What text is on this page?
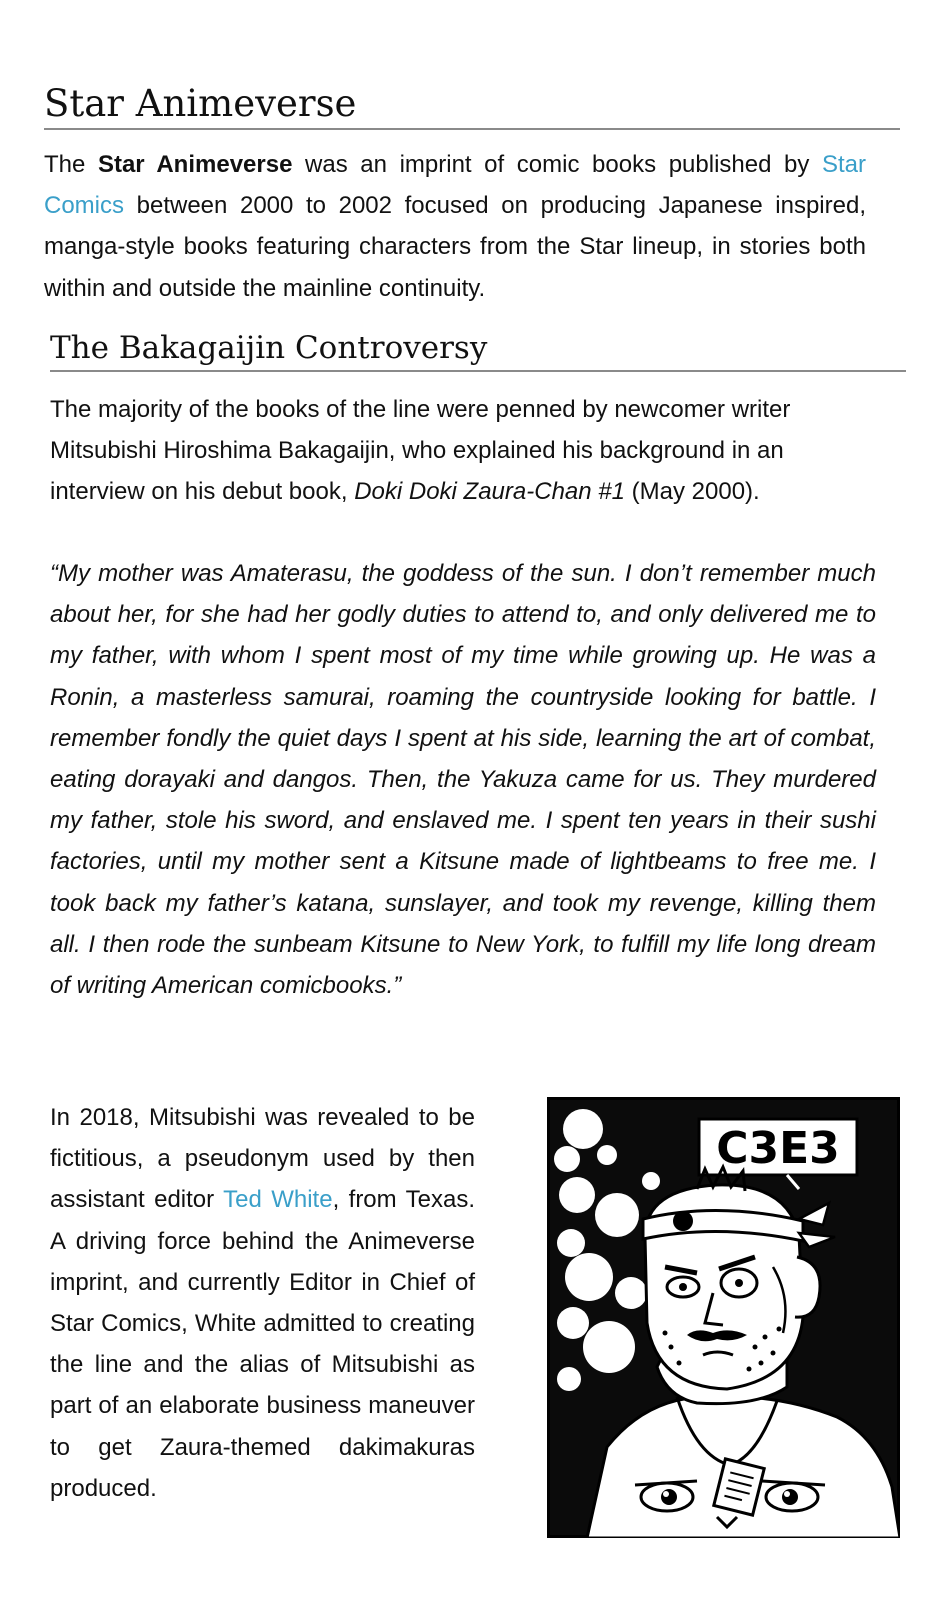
Star Animeverse

The Star Animeverse was an imprint of comic books published by Star Comics between 2000 to 2002 focused on producing Japanese inspired, manga-style books featuring characters from the Star lineup, in stories both within and outside the mainline continuity.

The Bakagaijin Controversy

The majority of the books of the line were penned by newcomer writer Mitsubishi Hiroshima Bakagaijin, who explained his background in an interview on his debut book, Doki Doki Zaura-Chan #1 (May 2000).

“My mother was Amaterasu, the goddess of the sun. I don’t remember much about her, for she had her godly duties to attend to, and only delivered me to my father, with whom I spent most of my time while growing up. He was a Ronin, a masterless samurai, roaming the countryside looking for battle. I remember fondly the quiet days I spent at his side, learning the art of combat, eating dorayaki and dangos. Then, the Yakuza came for us. They murdered my father, stole his sword, and enslaved me. I spent ten years in their sushi factories, until my mother sent a Kitsune made of lightbeams to free me. I took back my father’s katana, sunslayer, and took my revenge, killing them all. I then rode the sunbeam Kitsune to New York, to fulfill my life long dream of writing American comicbooks.”

In 2018, Mitsubishi was revealed to be fictitious, a pseudonym used by then assistant editor Ted White, from Texas. A driving force behind the Animeverse imprint, and currently Editor in Chief of Star Comics, White admitted to creating the line and the alias of Mitsubishi as part of an elaborate business maneuver to get Zaura-themed dakimakuras produced.

C3E3
